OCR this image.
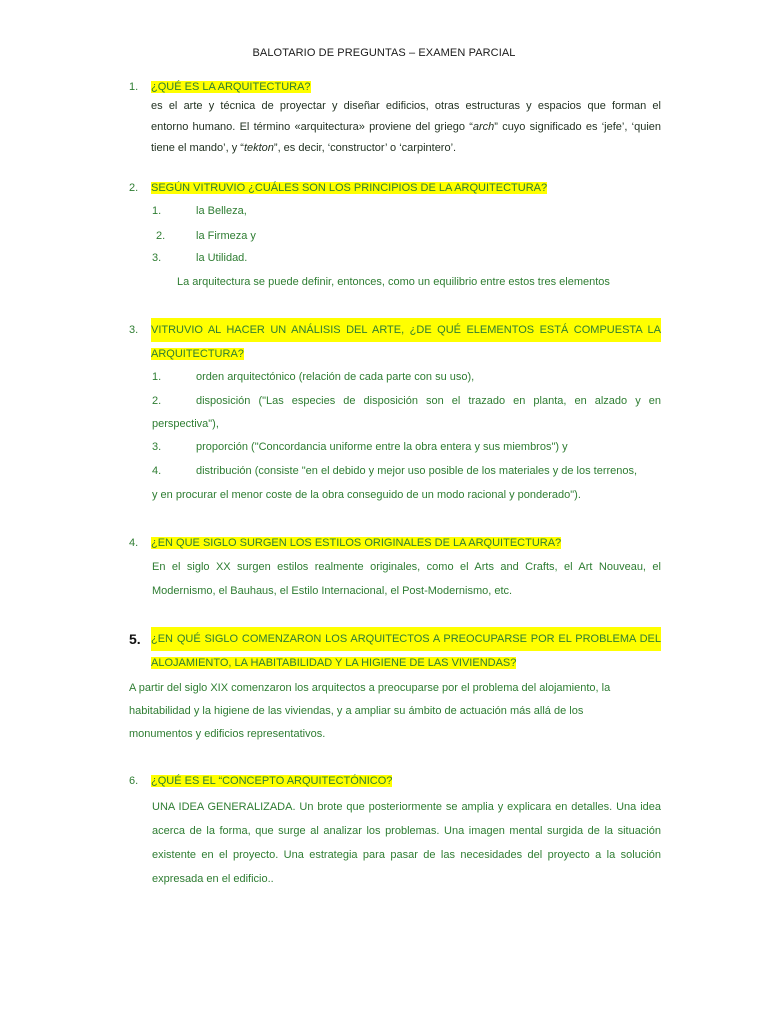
BALOTARIO DE PREGUNTAS – EXAMEN PARCIAL
1. ¿QUÉ ES LA ARQUITECTURA?
es el arte y técnica de proyectar y diseñar edificios, otras estructuras y espacios que forman el
entorno humano. El término «arquitectura» proviene del griego “arch” cuyo significado es ‘jefe’, ‘quien
tiene el mando’, y “tekton”, es decir, ‘constructor’ o ‘carpintero’.
2. SEGÚN VITRUVIO ¿CUÁLES SON LOS PRINCIPIOS DE LA ARQUITECTURA?
1.	la Belleza,
2.	la Firmeza y
3.	la Utilidad.
La arquitectura se puede definir, entonces, como un equilibrio entre estos tres elementos
3.	VITRUVIO AL HACER UN ANÁLISIS DEL ARTE, ¿DE QUÉ ELEMENTOS ESTÁ COMPUESTA LA
ARQUITECTURA?
1.	orden arquitectónico (relación de cada parte con su uso),
2.	disposición ("Las especies de disposición son el trazado en planta, en alzado y en
perspectiva"),
3.	proporción ("Concordancia uniforme entre la obra entera y sus miembros") y
4.	distribución (consiste "en el debido y mejor uso posible de los materiales y de los terrenos,
y en procurar el menor coste de la obra conseguido de un modo racional y ponderado").
4. ¿EN QUE SIGLO SURGEN LOS ESTILOS ORIGINALES DE LA ARQUITECTURA?
En el siglo XX surgen estilos realmente originales, como el Arts and Crafts, el Art Nouveau, el
Modernismo, el Bauhaus, el Estilo Internacional, el Post-Modernismo, etc.
5. ¿EN QUÉ SIGLO COMENZARON LOS ARQUITECTOS A PREOCUPARSE POR EL PROBLEMA DEL
ALOJAMIENTO, LA HABITABILIDAD Y LA HIGIENE DE LAS VIVIENDAS?
A partir del siglo XIX comenzaron los arquitectos a preocuparse por el problema del alojamiento, la
habitabilidad y la higiene de las viviendas, y a ampliar su ámbito de actuación más allá de los
monumentos y edificios representativos.
6. ¿QUÉ ES EL “CONCEPTO ARQUITECTÓNICO?
UNA IDEA GENERALIZADA. Un brote que posteriormente se amplia y explicara en detalles. Una idea
acerca de la forma, que surge al analizar los problemas. Una imagen mental surgida de la situación
existente en el proyecto. Una estrategia para pasar de las necesidades del proyecto a la solución
expresada en el edificio..
